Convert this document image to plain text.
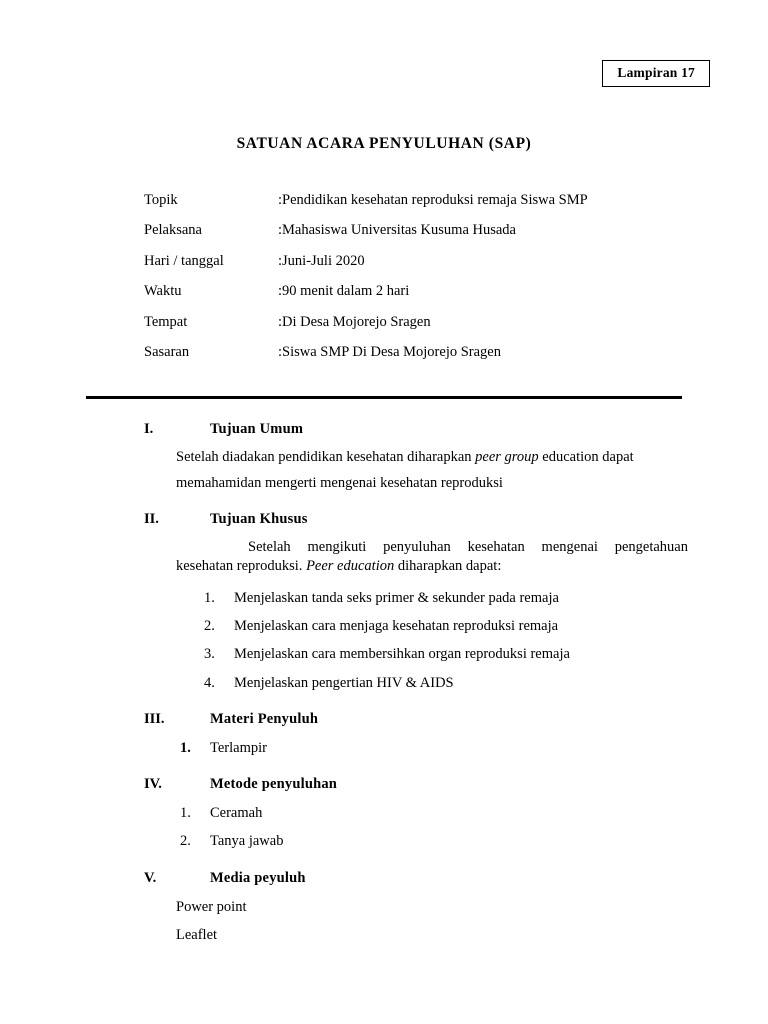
Lampiran 17
SATUAN ACARA PENYULUHAN (SAP)
Topik	:Pendidikan kesehatan reproduksi remaja Siswa SMP
Pelaksana	:Mahasiswa Universitas Kusuma Husada
Hari / tanggal	:Juni-Juli 2020
Waktu	:90 menit dalam 2 hari
Tempat	:Di Desa Mojorejo Sragen
Sasaran	:Siswa SMP Di Desa Mojorejo Sragen
I.	Tujuan Umum
Setelah diadakan pendidikan kesehatan diharapkan peer group education dapat
memahamidan mengerti mengenai kesehatan reproduksi
II.	Tujuan Khusus
Setelah mengikuti penyuluhan kesehatan mengenai pengetahuan
kesehatan reproduksi. Peer education diharapkan dapat:
1.	Menjelaskan tanda seks primer & sekunder pada remaja
2.	Menjelaskan cara menjaga kesehatan reproduksi remaja
3.	Menjelaskan cara membersihkan organ reproduksi remaja
4.	Menjelaskan pengertian HIV & AIDS
III.	Materi Penyuluh
1.	Terlampir
IV.	Metode penyuluhan
1.	Ceramah
2.	Tanya jawab
V.	Media peyuluh
Power point
Leaflet
